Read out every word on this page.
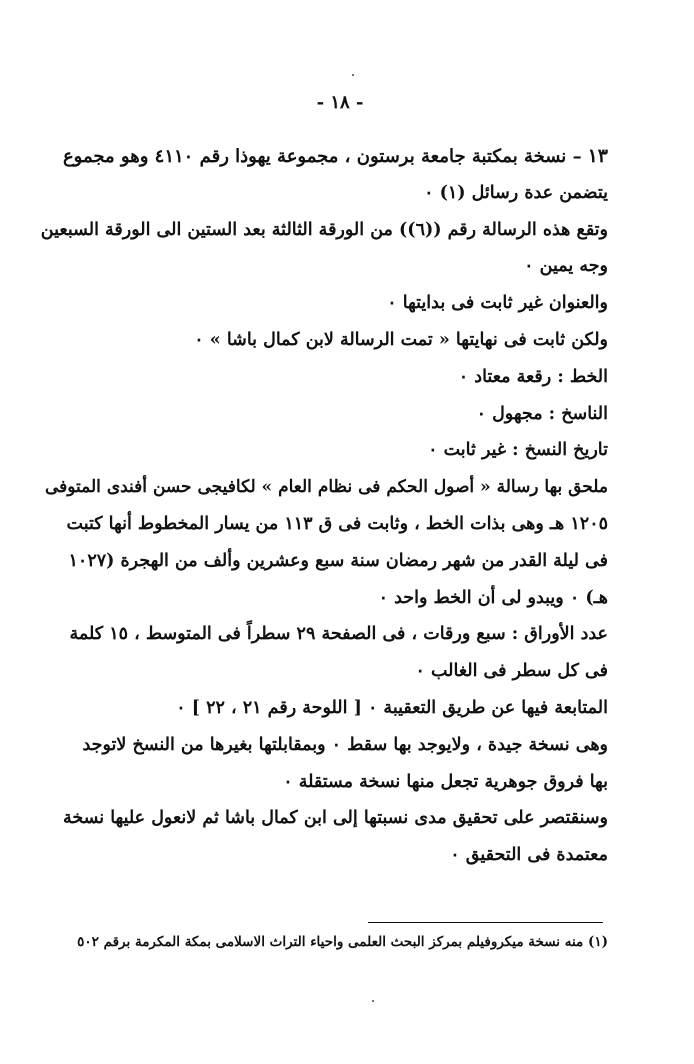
- ١٨ -
١٣– نسخة بمكتبة جامعة برستون ، مجموعة يهوذا رقم ٤١١٠ وهو مجموع
يتضمن عدة رسائل (١) ٠
وتقع هذه الرسالة رقم ((٦)) من الورقة الثالثة بعد الستين الى الورقة السبعين
وجه يمين ٠
والعنوان غير ثابت فى بدايتها ٠
ولكن ثابت فى نهايتها « تمت الرسالة لابن كمال باشا » ٠
الخط : رقعة معتاد ٠
الناسخ : مجهول ٠
تاريخ النسخ : غير ثابت ٠
ملحق بها رسالة « أصول الحكم فى نظام العام » لكافيجى حسن أفندى المتوفى
١٢٠٥ هـ وهى بذات الخط ، وثابت فى ق ١١٣ من يسار المخطوط أنها كتبت
فى ليلة القدر من شهر رمضان سنة سبع وعشرين وألف من الهجرة (١٠٢٧
هـ) ٠ ويبدو لى أن الخط واحد ٠
عدد الأوراق : سبع ورقات ، فى الصفحة ٢٩ سطراً فى المتوسط ، ١٥ كلمة
فى كل سطر فى الغالب ٠
المتابعة فيها عن طريق التعقيبة ٠ [ اللوحة رقم ٢١ ، ٢٢ ] ٠
وهى نسخة جيدة ، ولايوجد بها سقط ٠ وبمقابلتها بغيرها من النسخ لاتوجد
بها فروق جوهرية تجعل منها نسخة مستقلة ٠
وسنقتصر على تحقيق مدى نسبتها إلى ابن كمال باشا ثم لانعول عليها نسخة
معتمدة فى التحقيق ٠
(١) منه نسخة ميكروفيلم بمركز البحث العلمى واحياء التراث الاسلامى بمكة المكرمة برقم ٥٠٢
